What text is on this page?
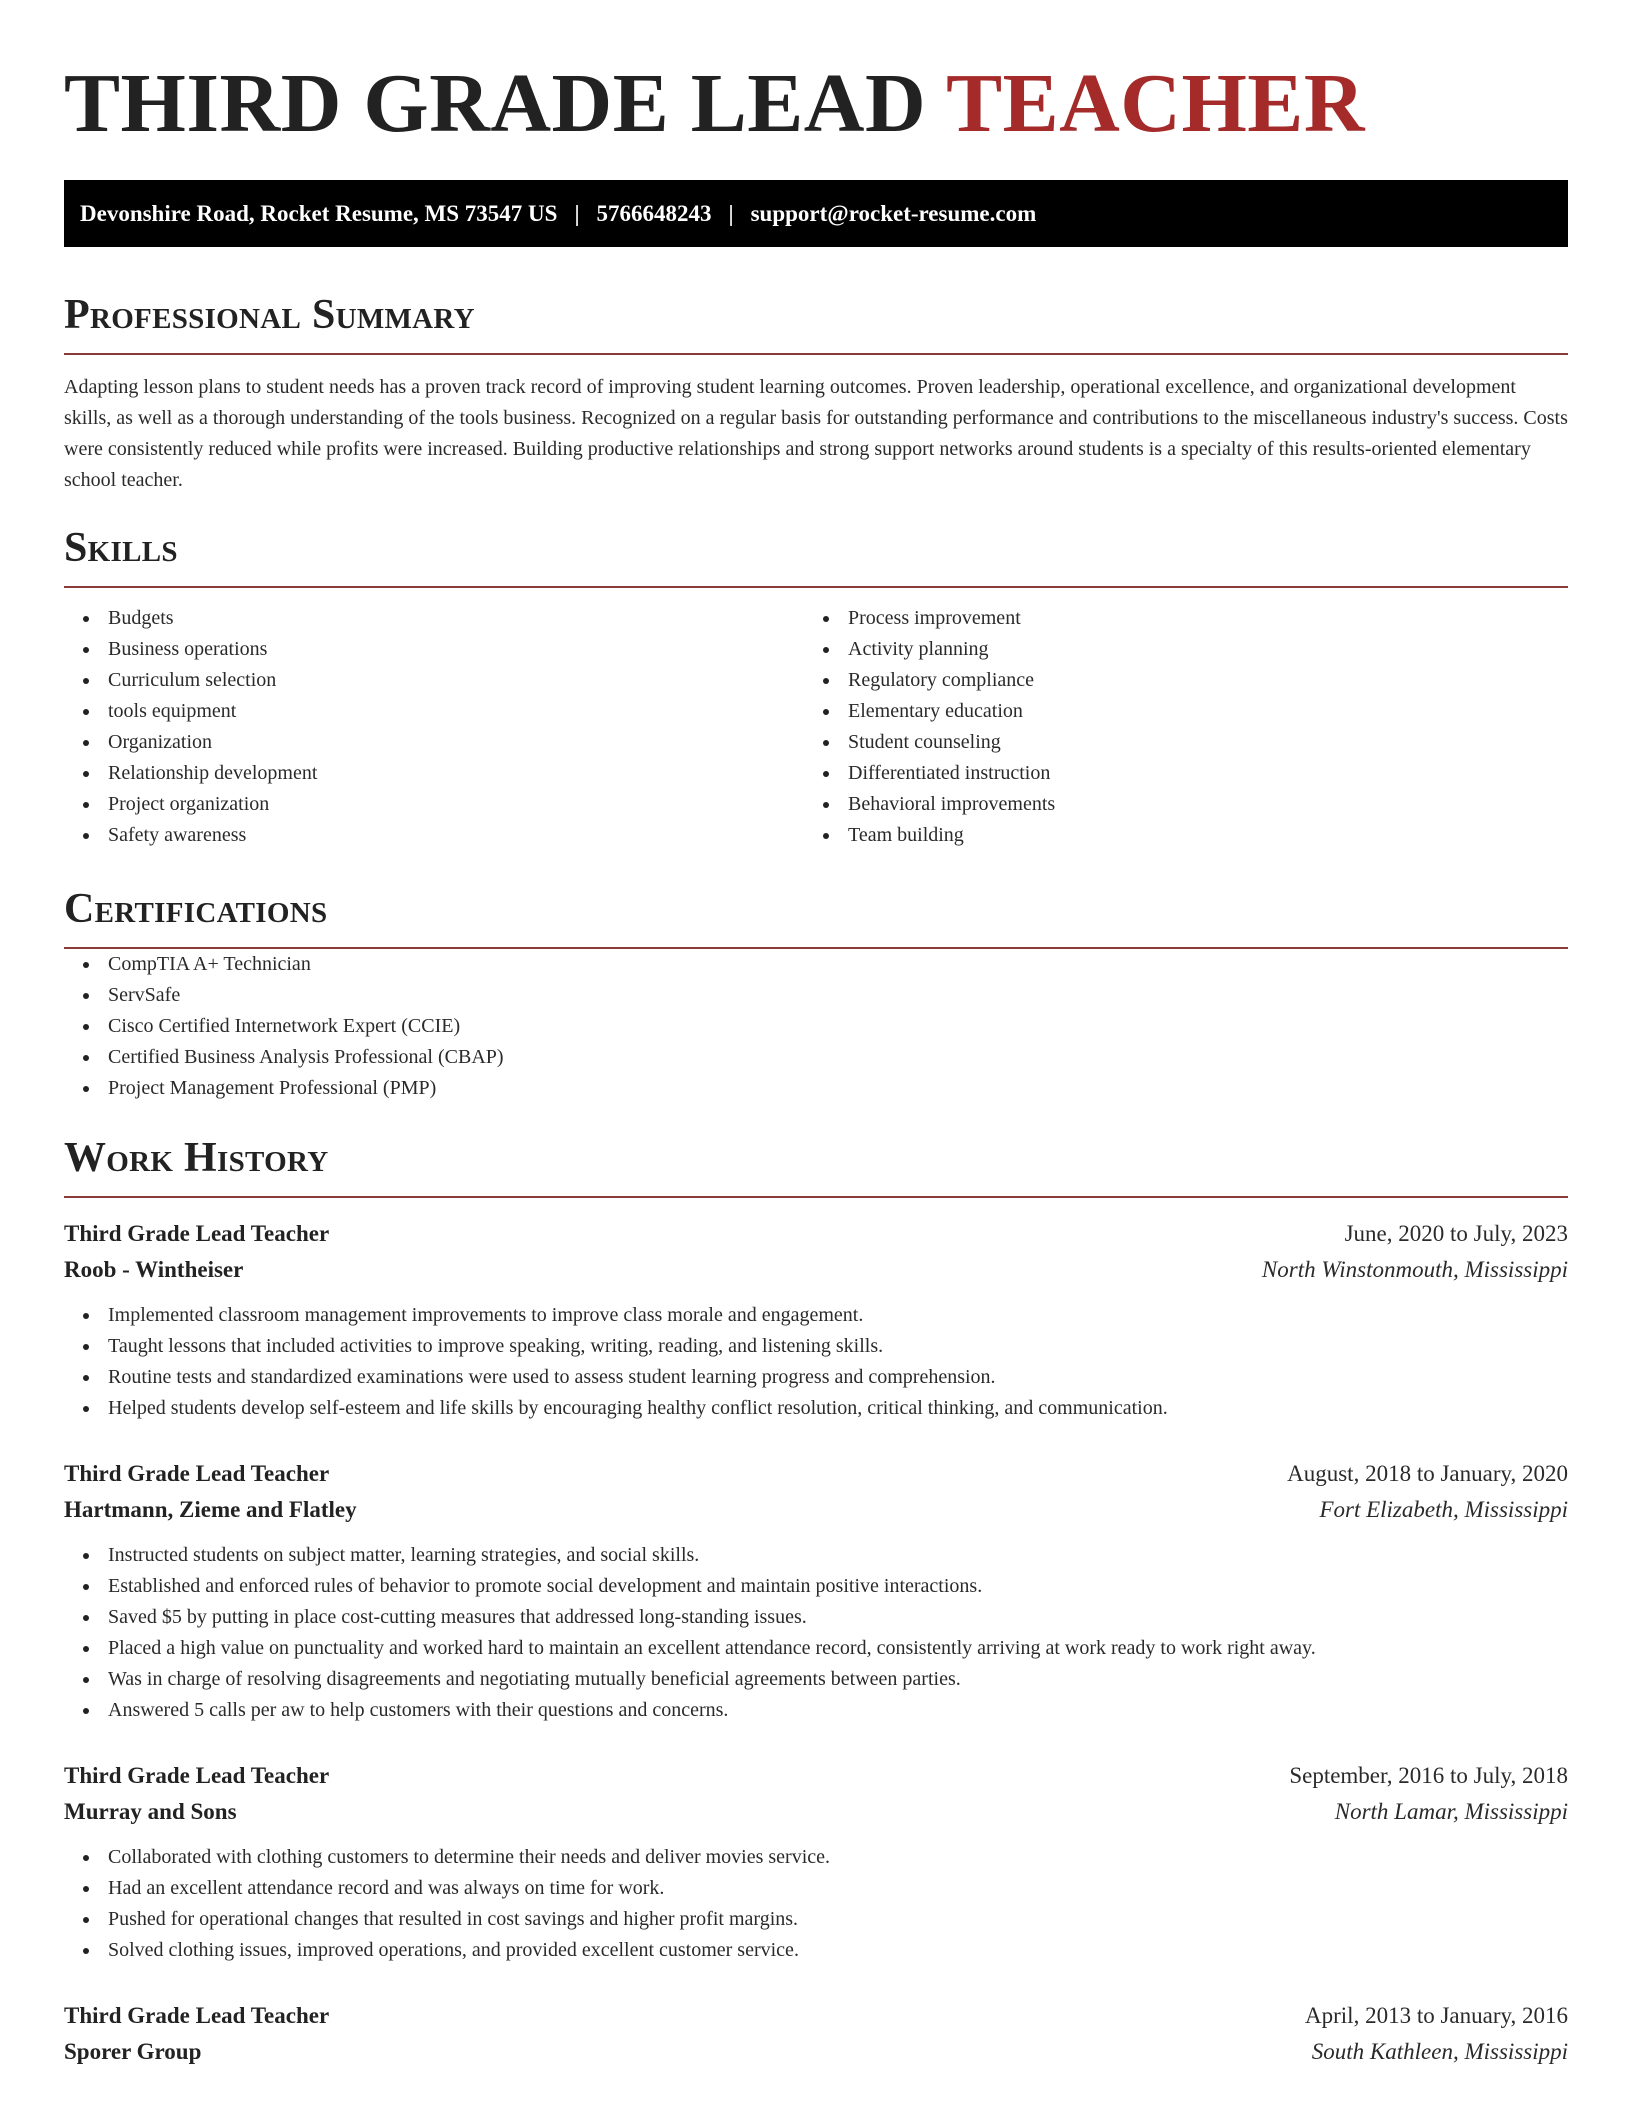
THIRD GRADE LEAD TEACHER
Devonshire Road, Rocket Resume, MS 73547 US | 5766648243 | support@rocket-resume.com
Professional Summary

Adapting lesson plans to student needs has a proven track record of improving student learning outcomes. Proven leadership, operational excellence, and organizational development skills, as well as a thorough understanding of the tools business. Recognized on a regular basis for outstanding performance and contributions to the miscellaneous industry's success. Costs were consistently reduced while profits were increased. Building productive relationships and strong support networks around students is a specialty of this results-oriented elementary school teacher.

Skills
Budgets
Business operations
Curriculum selection
tools equipment
Organization
Relationship development
Project organization
Safety awareness
Process improvement
Activity planning
Regulatory compliance
Elementary education
Student counseling
Differentiated instruction
Behavioral improvements
Team building
Certifications
CompTIA A+ Technician
ServSafe
Cisco Certified Internetwork Expert (CCIE)
Certified Business Analysis Professional (CBAP)
Project Management Professional (PMP)
Work History
Third Grade Lead Teacher	June, 2020 to July, 2023
Roob - Wintheiser	North Winstonmouth, Mississippi
Implemented classroom management improvements to improve class morale and engagement.
Taught lessons that included activities to improve speaking, writing, reading, and listening skills.
Routine tests and standardized examinations were used to assess student learning progress and comprehension.
Helped students develop self-esteem and life skills by encouraging healthy conflict resolution, critical thinking, and communication.
Third Grade Lead Teacher	August, 2018 to January, 2020
Hartmann, Zieme and Flatley	Fort Elizabeth, Mississippi
Instructed students on subject matter, learning strategies, and social skills.
Established and enforced rules of behavior to promote social development and maintain positive interactions.
Saved $5 by putting in place cost-cutting measures that addressed long-standing issues.
Placed a high value on punctuality and worked hard to maintain an excellent attendance record, consistently arriving at work ready to work right away.
Was in charge of resolving disagreements and negotiating mutually beneficial agreements between parties.
Answered 5 calls per aw to help customers with their questions and concerns.
Third Grade Lead Teacher	September, 2016 to July, 2018
Murray and Sons	North Lamar, Mississippi
Collaborated with clothing customers to determine their needs and deliver movies service.
Had an excellent attendance record and was always on time for work.
Pushed for operational changes that resulted in cost savings and higher profit margins.
Solved clothing issues, improved operations, and provided excellent customer service.
Third Grade Lead Teacher	April, 2013 to January, 2016
Sporer Group	South Kathleen, Mississippi
